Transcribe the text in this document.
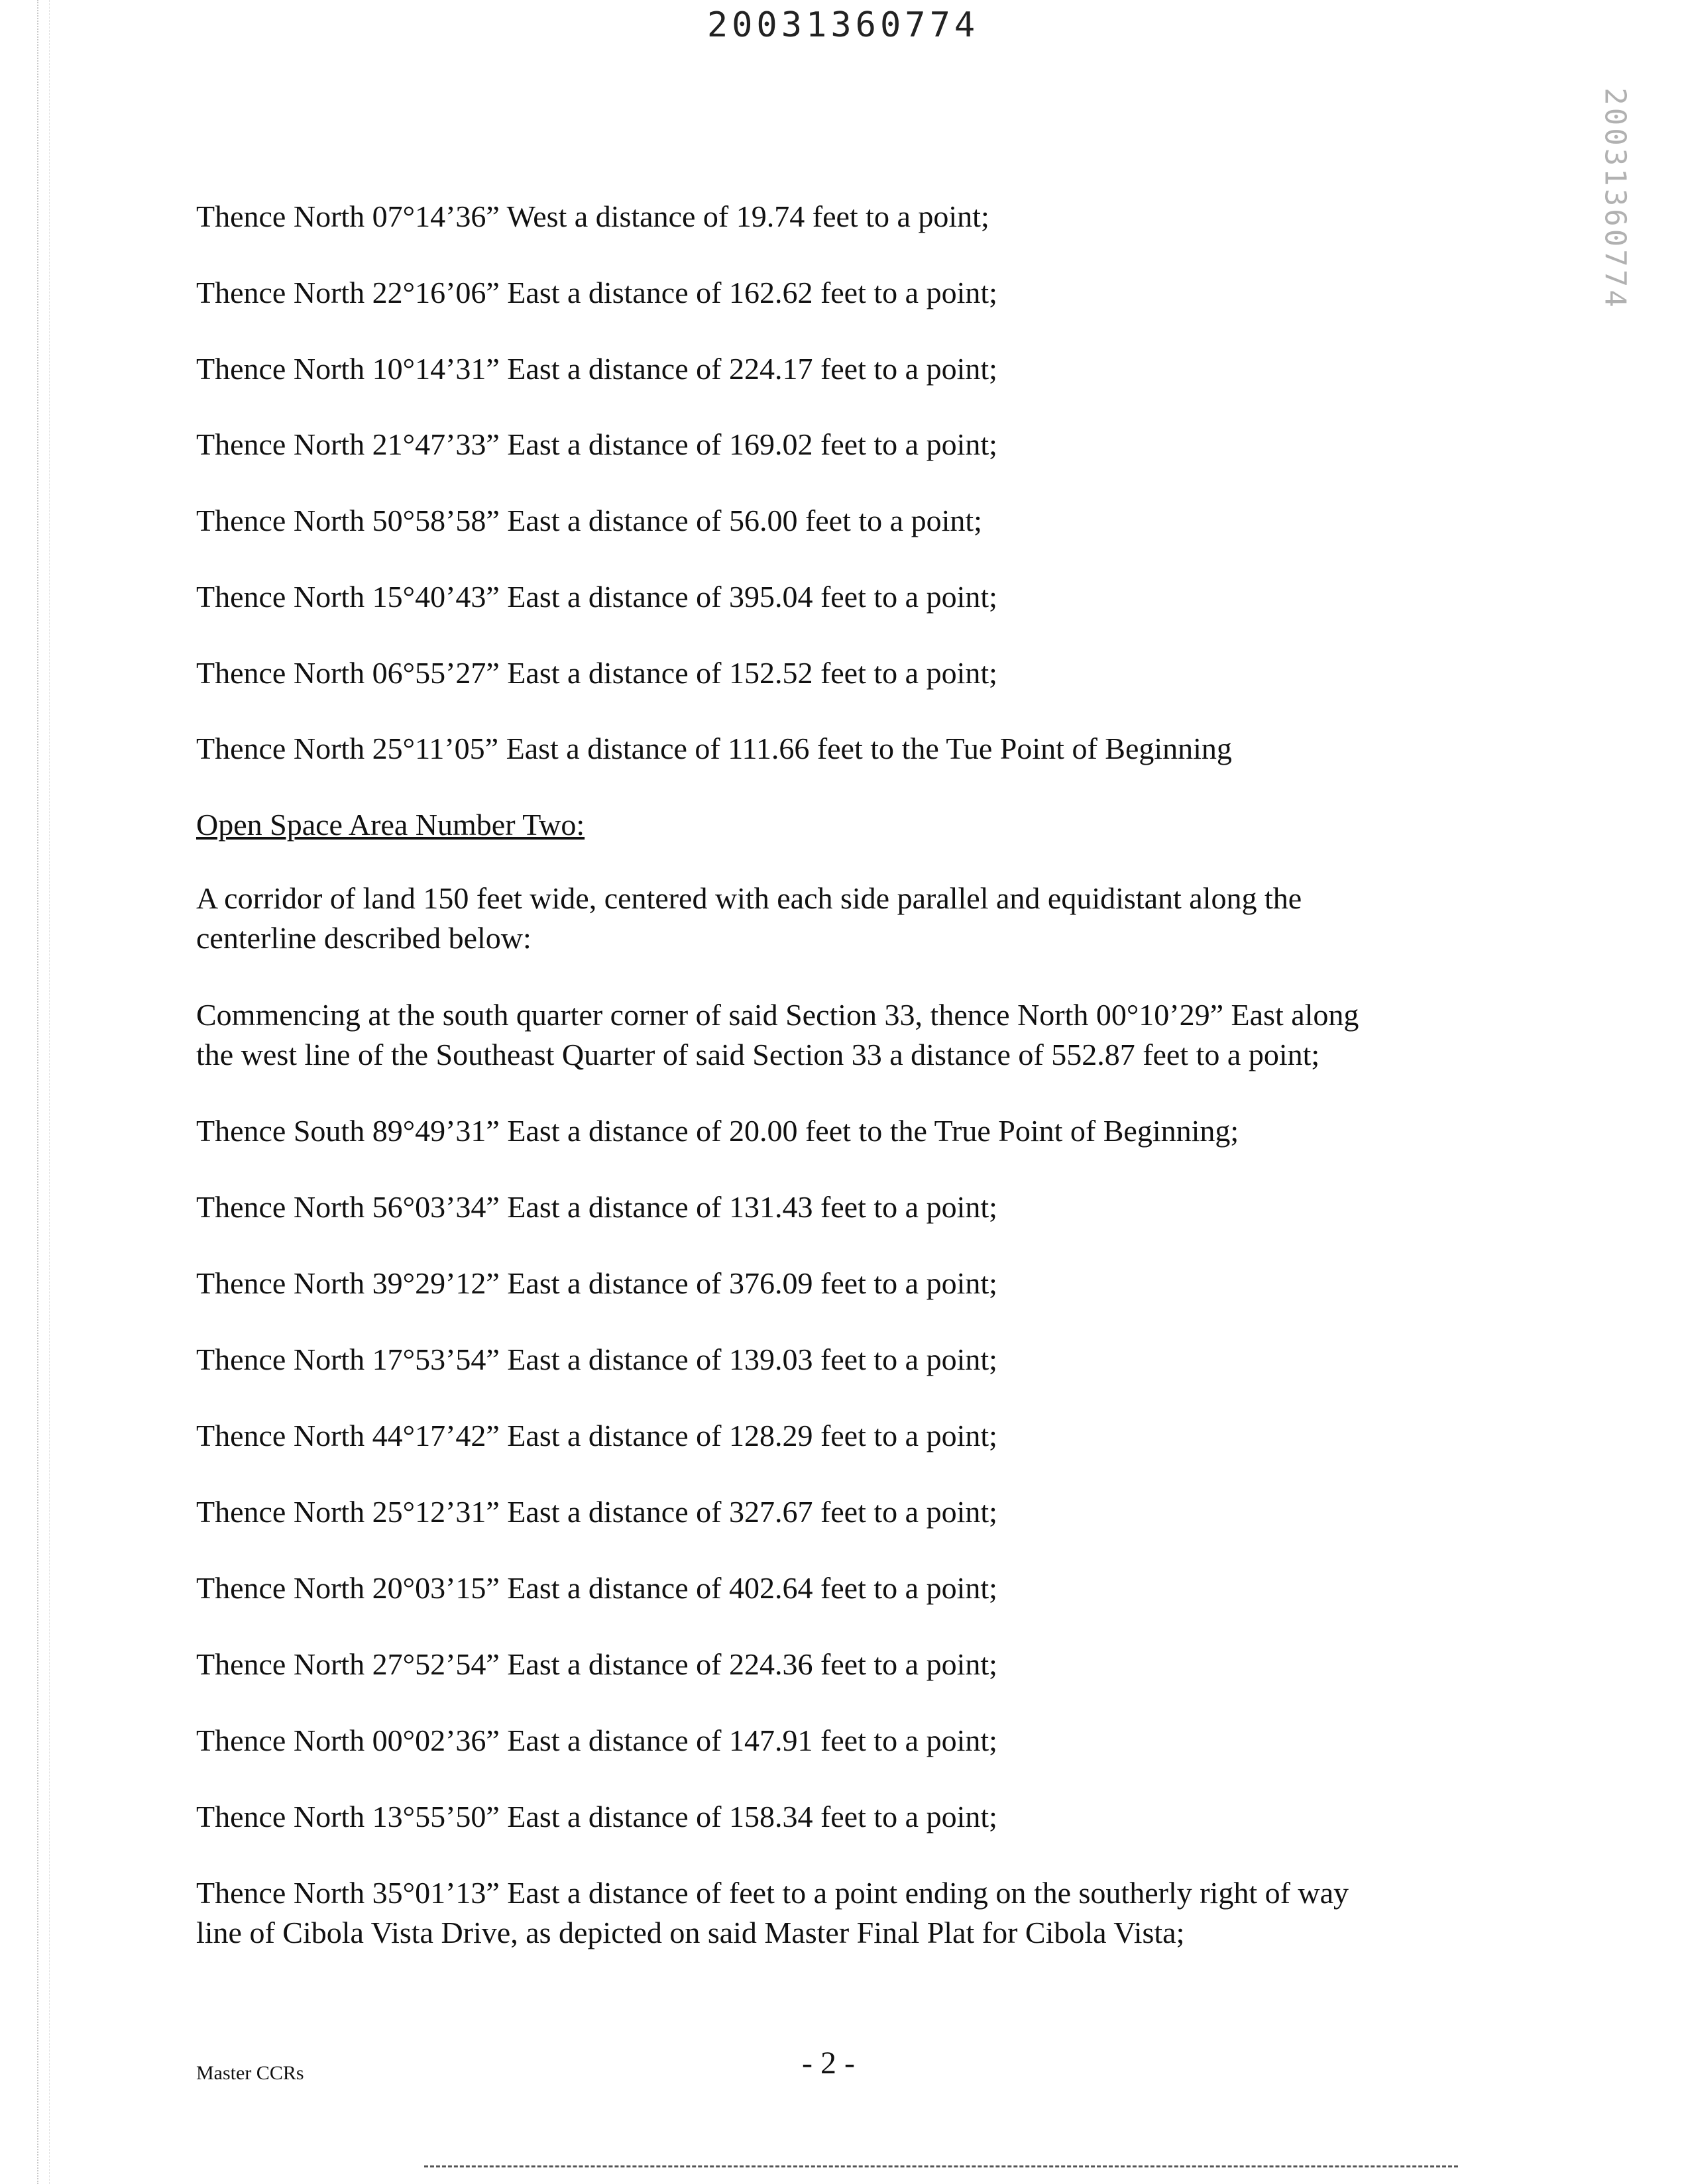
20031360774
20031360774
Thence North 07°14’36” West a distance of 19.74 feet to a point;
Thence North 22°16’06” East a distance of 162.62 feet to a point;
Thence North 10°14’31” East a distance of 224.17 feet to a point;
Thence North 21°47’33” East a distance of 169.02 feet to a point;
Thence North 50°58’58” East a distance of 56.00 feet to a point;
Thence North 15°40’43” East a distance of 395.04 feet to a point;
Thence North 06°55’27” East a distance of 152.52 feet to a point;
Thence North 25°11’05” East a distance of 111.66 feet to the Tue Point of Beginning
Open Space Area Number Two:
A corridor of land 150 feet wide, centered with each side parallel and equidistant along the
centerline described below:
Commencing at the south quarter corner of said Section 33, thence North 00°10’29” East along
the west line of the Southeast Quarter of said Section 33 a distance of 552.87 feet to a point;
Thence South 89°49’31” East a distance of 20.00 feet to the True Point of Beginning;
Thence North 56°03’34” East a distance of 131.43 feet to a point;
Thence North 39°29’12” East a distance of 376.09 feet to a point;
Thence North 17°53’54” East a distance of 139.03 feet to a point;
Thence North 44°17’42” East a distance of 128.29 feet to a point;
Thence North 25°12’31” East a distance of 327.67 feet to a point;
Thence North 20°03’15” East a distance of 402.64 feet to a point;
Thence North 27°52’54” East a distance of 224.36 feet to a point;
Thence North 00°02’36” East a distance of 147.91 feet to a point;
Thence North 13°55’50” East a distance of 158.34 feet to a point;
Thence North 35°01’13” East a distance of feet to a point ending on the southerly right of way
line of Cibola Vista Drive, as depicted on said Master Final Plat for Cibola Vista;
Master CCRs	- 2 -
